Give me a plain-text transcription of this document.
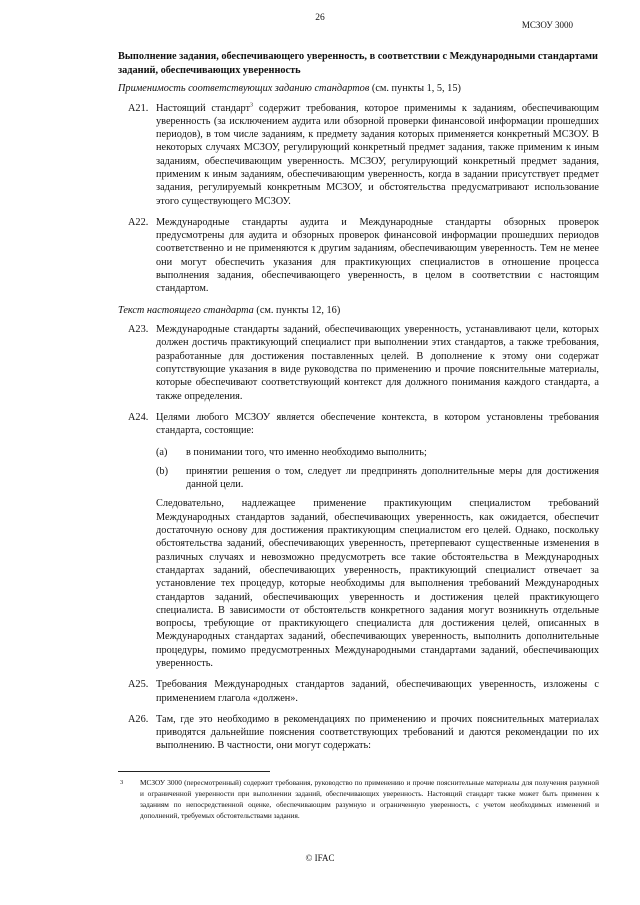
26
МСЗОУ 3000

Выполнение задания, обеспечивающего уверенность, в соответствии с Международными стандартами заданий, обеспечивающих уверенность

Применимость соответствующих заданию стандартов (см. пункты 1, 5, 15)

A21. Настоящий стандарт$^3$ содержит требования, которое применимы к заданиям, обеспечивающим уверенность (за исключением аудита или обзорной проверки финансовой информации прошедших периодов), в том числе заданиям, к предмету задания которых применяется конкретный МСЗОУ. В некоторых случаях МСЗОУ, регулирующий конкретный предмет задания, также применим к иным заданиям, обеспечивающим уверенность. МСЗОУ, регулирующий конкретный предмет задания, применим к иным заданиям, обеспечивающим уверенность, когда в задании присутствует предмет задания, регулируемый конкретным МСЗОУ, и обстоятельства предусматривают использование этого существующего МСЗОУ.
A22. Международные стандарты аудита и Международные стандарты обзорных проверок предусмотрены для аудита и обзорных проверок финансовой информации прошедших периодов соответственно и не применяются к другим заданиям, обеспечивающим уверенность. Тем не менее они могут обеспечить указания для практикующих специалистов в отношение процесса выполнения задания, обеспечивающего уверенность, в целом в соответствии с настоящим стандартом.

Текст настоящего стандарта (см. пункты 12, 16)

A23. Международные стандарты заданий, обеспечивающих уверенность, устанавливают цели, которых должен достичь практикующий специалист при выполнении этих стандартов, а также требования, разработанные для достижения поставленных целей. В дополнение к этому они содержат сопутствующие указания в виде руководства по применению и прочие пояснительные материалы, которые обеспечивают соответствующий контекст для должного понимания каждого стандарта, а также определения.
A24. Целями любого МСЗОУ является обеспечение контекста, в котором установлены требования стандарта, состоящие:
(a) в понимании того, что именно необходимо выполнить;
(b) принятии решения о том, следует ли предпринять дополнительные меры для достижения данной цели.

Следовательно, надлежащее применение практикующим специалистом требований Международных стандартов заданий, обеспечивающих уверенность, как ожидается, обеспечит достаточную основу для достижения практикующим специалистом его целей. Однако, поскольку обстоятельства заданий, обеспечивающих уверенность, претерпевают существенные изменения в различных случаях и невозможно предусмотреть все такие обстоятельства в Международных стандартах заданий, обеспечивающих уверенность, практикующий специалист отвечает за установление тех процедур, которые необходимы для выполнения требований Международных стандартов заданий, обеспечивающих уверенность и достижения целей практикующего специалиста. В зависимости от обстоятельств конкретного задания могут возникнуть отдельные вопросы, требующие от практикующего специалиста для достижения целей, описанных в Международных стандартах заданий, обеспечивающих уверенность, выполнить дополнительные процедуры, помимо предусмотренных Международными стандартами заданий, обеспечивающих уверенность.

A25. Требования Международных стандартов заданий, обеспечивающих уверенность, изложены с применением глагола «должен».
A26. Там, где это необходимо в рекомендациях по применению и прочих пояснительных материалах приводятся дальнейшие пояснения соответствующих требований и даются рекомендации по их выполнению. В частности, они могут содержать:
3	МСЗОУ 3000 (пересмотренный) содержит требования, руководство по применению и прочие пояснительные материалы для получения разумной и ограниченной уверенности при выполнении заданий, обеспечивающих уверенность. Настоящий стандарт также может быть применен к заданиям по непосредственной оценке, обеспечивающим разумную и ограниченную уверенность, с учетом необходимых изменений и дополнений, требуемых обстоятельствами задания.
© IFAC
